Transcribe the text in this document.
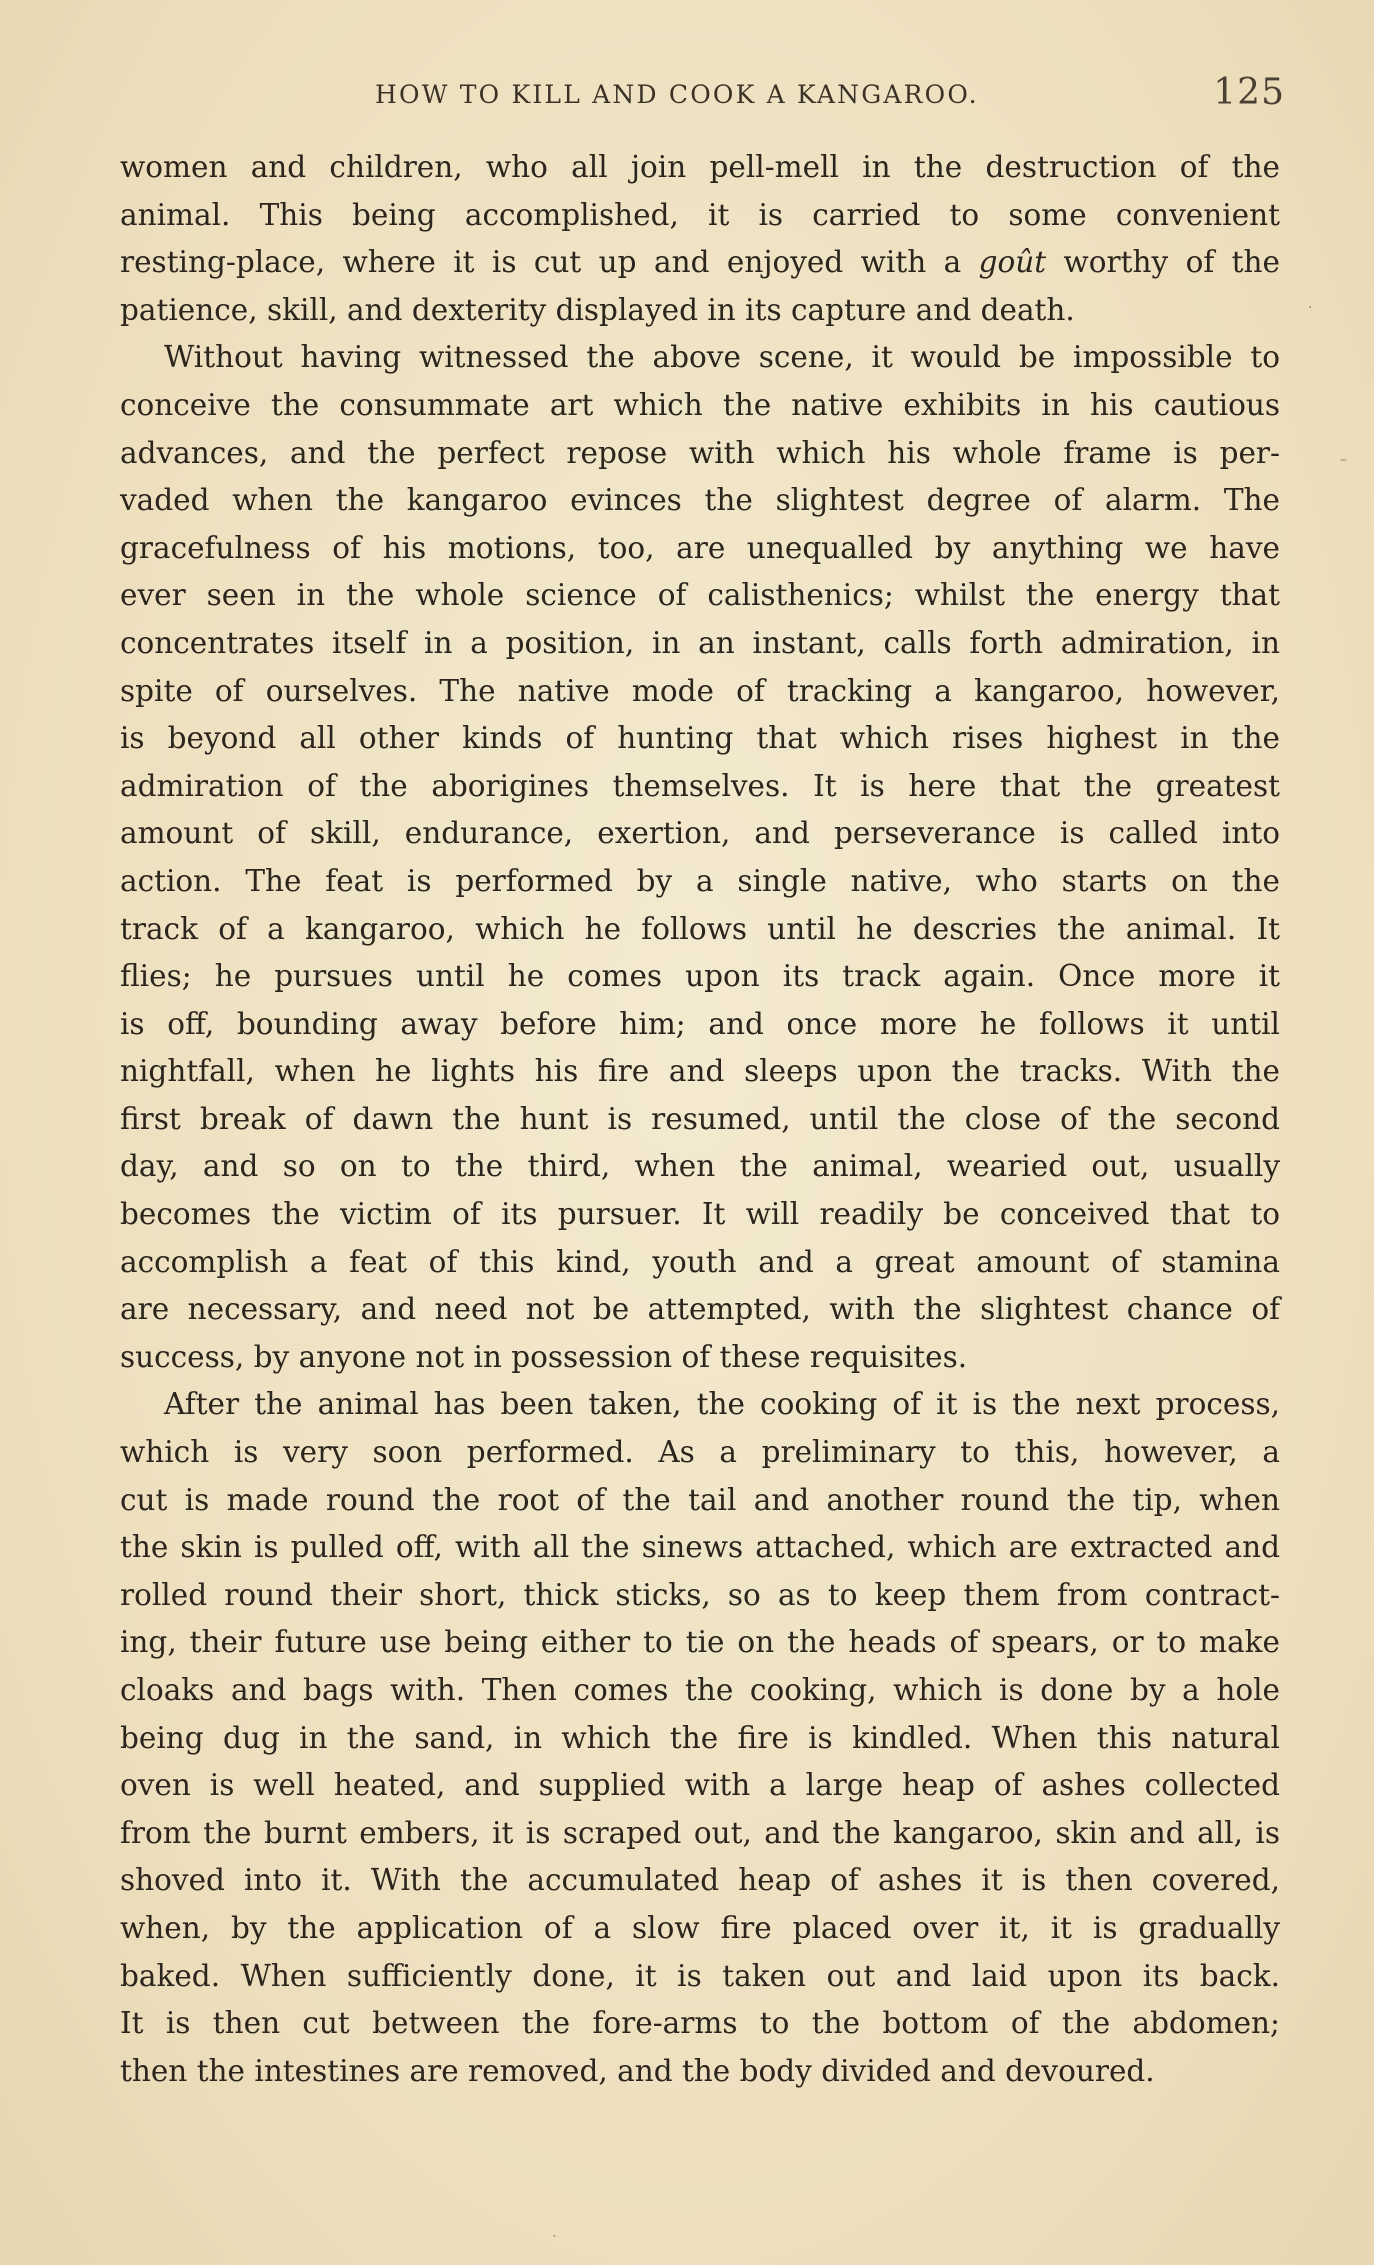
HOW TO KILL AND COOK A KANGAROO.	125
women and children, who all join pell-mell in the destruction of the
animal. This being accomplished, it is carried to some convenient
resting-place, where it is cut up and enjoyed with a goût worthy of the
patience, skill, and dexterity displayed in its capture and death.
Without having witnessed the above scene, it would be impossible to
conceive the consummate art which the native exhibits in his cautious
advances, and the perfect repose with which his whole frame is per-
vaded when the kangaroo evinces the slightest degree of alarm. The
gracefulness of his motions, too, are unequalled by anything we have
ever seen in the whole science of calisthenics; whilst the energy that
concentrates itself in a position, in an instant, calls forth admiration, in
spite of ourselves. The native mode of tracking a kangaroo, however,
is beyond all other kinds of hunting that which rises highest in the
admiration of the aborigines themselves. It is here that the greatest
amount of skill, endurance, exertion, and perseverance is called into
action. The feat is performed by a single native, who starts on the
track of a kangaroo, which he follows until he descries the animal. It
flies; he pursues until he comes upon its track again. Once more it
is off, bounding away before him; and once more he follows it until
nightfall, when he lights his fire and sleeps upon the tracks. With the
first break of dawn the hunt is resumed, until the close of the second
day, and so on to the third, when the animal, wearied out, usually
becomes the victim of its pursuer. It will readily be conceived that to
accomplish a feat of this kind, youth and a great amount of stamina
are necessary, and need not be attempted, with the slightest chance of
success, by anyone not in possession of these requisites.
After the animal has been taken, the cooking of it is the next process,
which is very soon performed. As a preliminary to this, however, a
cut is made round the root of the tail and another round the tip, when
the skin is pulled off, with all the sinews attached, which are extracted and
rolled round their short, thick sticks, so as to keep them from contract-
ing, their future use being either to tie on the heads of spears, or to make
cloaks and bags with. Then comes the cooking, which is done by a hole
being dug in the sand, in which the fire is kindled. When this natural
oven is well heated, and supplied with a large heap of ashes collected
from the burnt embers, it is scraped out, and the kangaroo, skin and all, is
shoved into it. With the accumulated heap of ashes it is then covered,
when, by the application of a slow fire placed over it, it is gradually
baked. When sufficiently done, it is taken out and laid upon its back.
It is then cut between the fore-arms to the bottom of the abdomen;
then the intestines are removed, and the body divided and devoured.
·
–
ˎ
